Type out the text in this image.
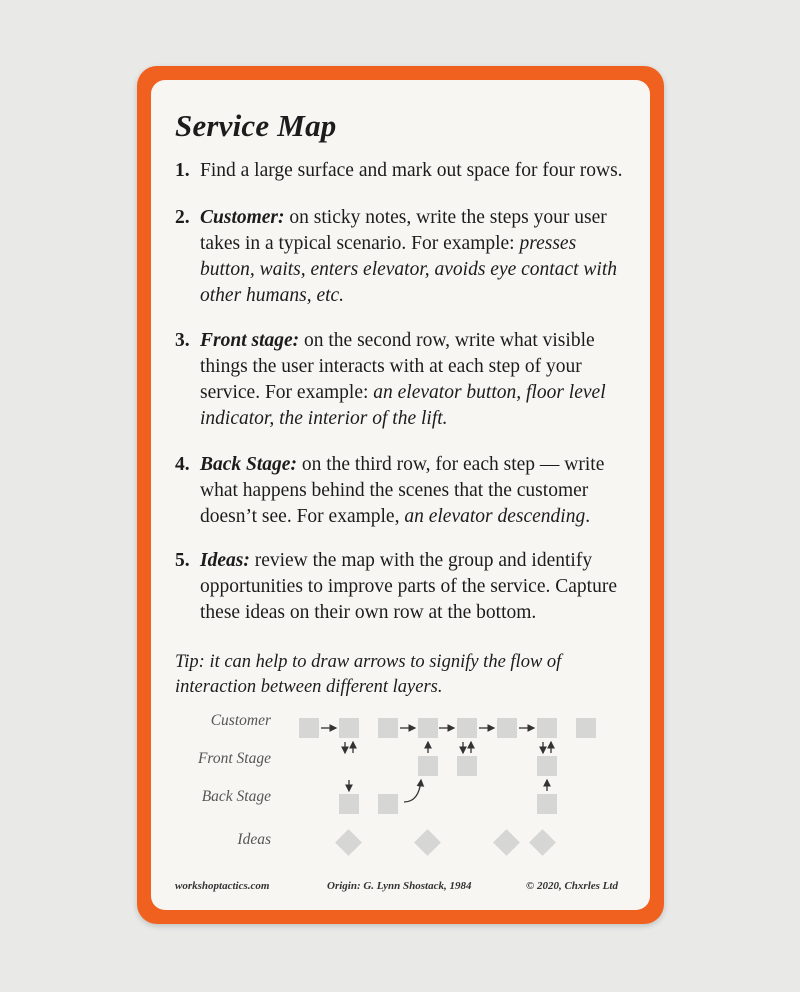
Service Map
1. Find a large surface and mark out space for four rows.
2. Customer: on sticky notes, write the steps your user takes in a typical scenario. For example: presses button, waits, enters elevator, avoids eye contact with other humans, etc.
3. Front stage: on the second row, write what visible things the user interacts with at each step of your service. For example: an elevator button, floor level indicator, the interior of the lift.
4. Back Stage: on the third row, for each step — write what happens behind the scenes that the customer doesn’t see. For example, an elevator descending.
5. Ideas: review the map with the group and identify opportunities to improve parts of the service. Capture these ideas on their own row at the bottom.
Tip: it can help to draw arrows to signify the flow of interaction between different layers.
Customer
Front Stage
Back Stage
Ideas
workshoptactics.com	Origin: G. Lynn Shostack, 1984	© 2020, Chxrles Ltd
